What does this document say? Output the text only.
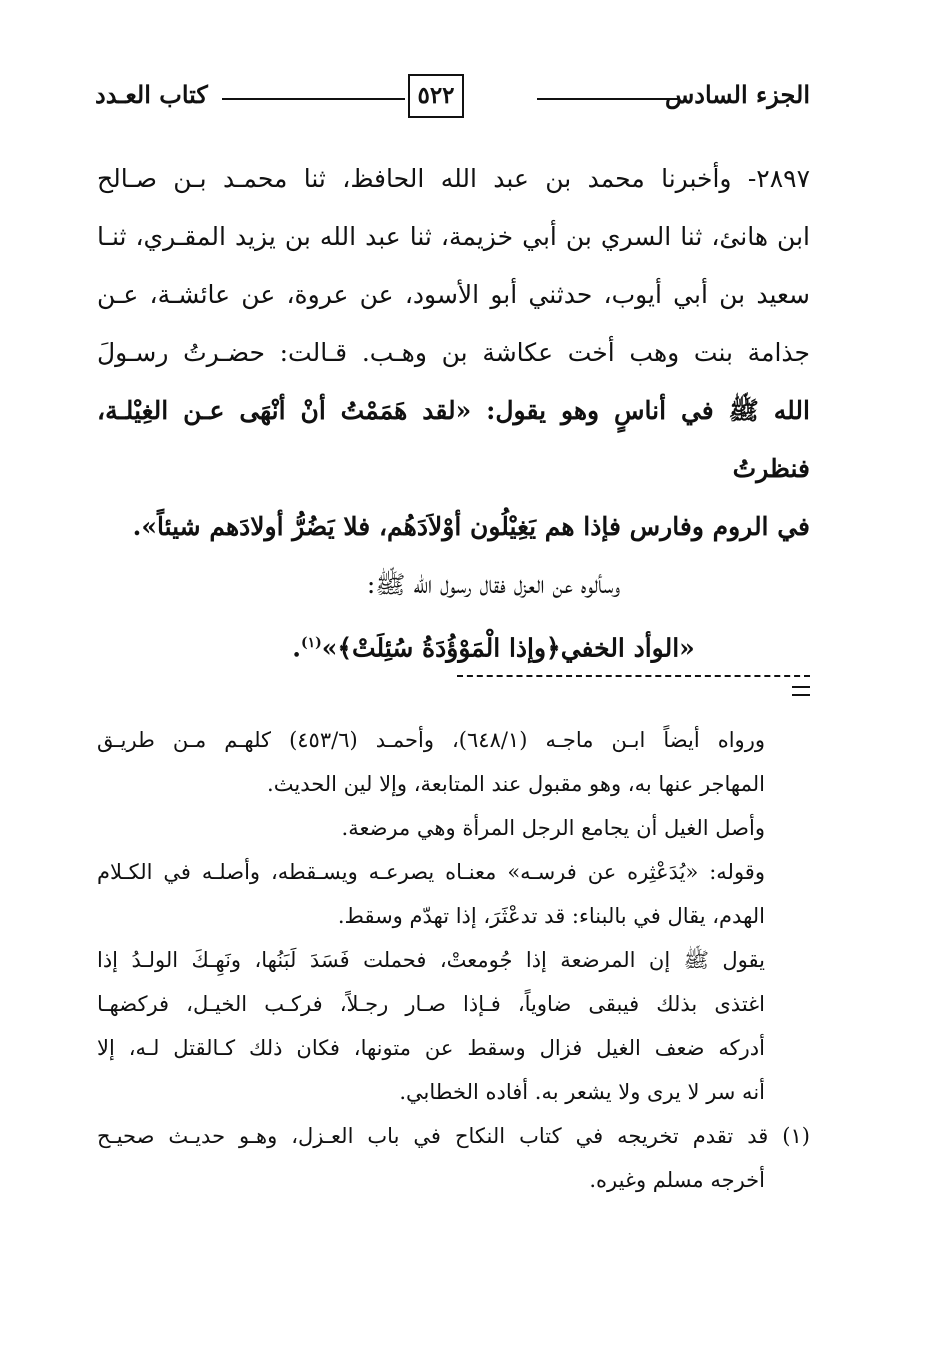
الجزء السادس
٥٢٢
كتاب العـدد

٢٨٩٧- وأخبرنا محمد بن عبد الله الحافظ، ثنا محمـد بـن صـالح

ابن هانئ، ثنا السري بن أبي خزيمة، ثنا عبد الله بن يزيد المقـري، ثنـا

سعيد بن أبي أيوب، حدثني أبو الأسود، عن عروة، عن عائشـة، عـن

جذامة بنت وهب أخت عكاشة بن وهـب. قـالت: حضـرتُ رسـولَ

الله ﷺ في أناسٍ وهو يقول: «لقد هَمَمْتُ أنْ أنْهَى عـن الغِيْلـة، فنظرتُ

في الروم وفارس فإذا هم يَغِيْلُون أوْلاَدَهُم، فلا يَضُرُّ أولادَهم شيئاً».

وسألوه عن العزل فقال رسول الله ﷺ:

«الوأد الخفي﴿وإذا الْمَوْؤُدَةُ سُئِلَتْ﴾»$^{(١)}$.

ورواه أيضاً ابـن ماجـه (٦٤٨/١)، وأحمـد (٤٥٣/٦) كلهـم مـن طريـق

المهاجر عنها به، وهو مقبول عند المتابعة، وإلا لين الحديث.

وأصل الغيل أن يجامع الرجل المرأة وهي مرضعة.

وقوله: «يُدَعْثِره عن فرسـه» معنـاه يصرعـه ويسـقطه، وأصلـه في الكـلام

الهدم، يقال في بالبناء: قد تدعْثَرَ، إذا تهدّم وسقط.

يقول ﷺ إن المرضعة إذا جُومعتْ، فحملت فَسَدَ لَبَنُها، ونَهِـكَ الولـدُ إذا

اغتذى بذلك فيبقى ضاوياً، فـإذا صـار رجـلاً، فركـب الخيـل، فركضهـا

أدركه ضعف الغيل فزال وسقط عن متونها، فكان ذلك كـالقتل لـه، إلا

أنه سر لا يرى ولا يشعر به. أفاده الخطابي.

(١) قد تقدم تخريجه في كتاب النكاح في باب العـزل، وهـو حديـث صحيـح

أخرجه مسلم وغيره.
